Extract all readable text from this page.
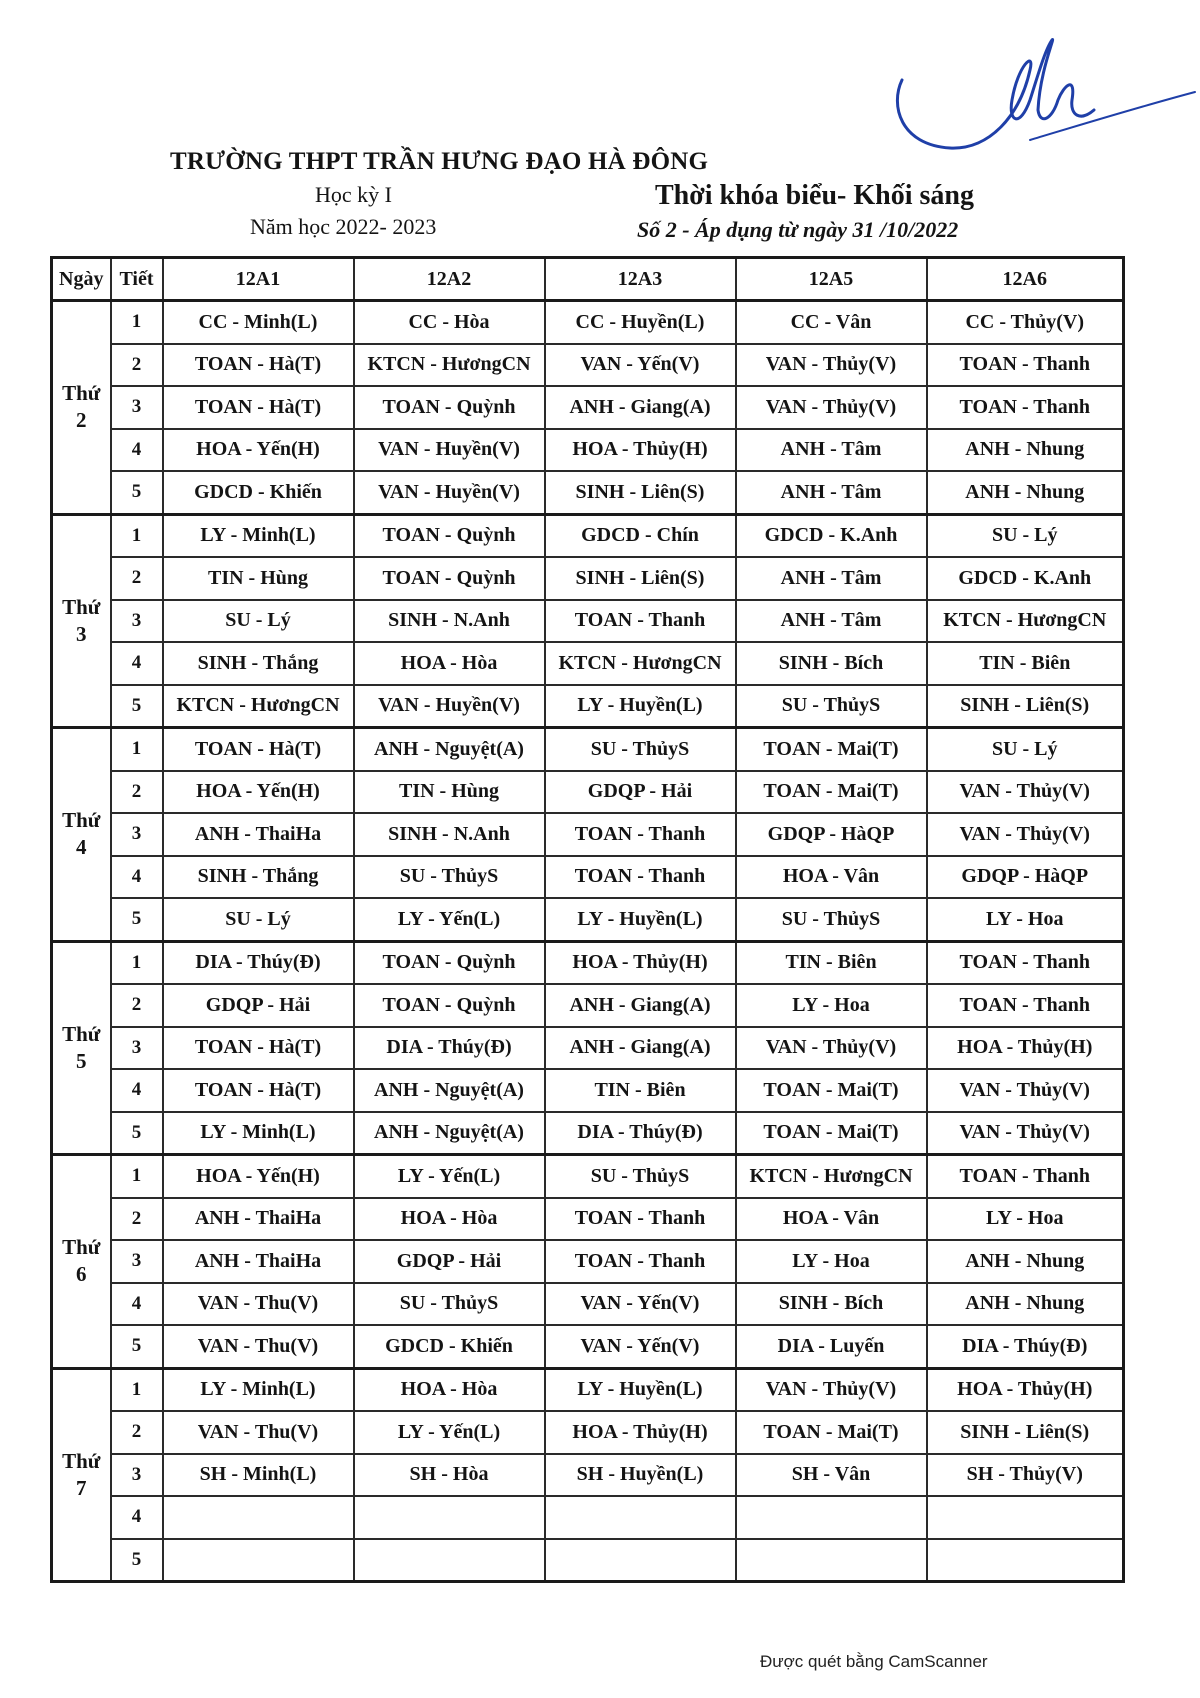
TRƯỜNG THPT TRẦN HƯNG ĐẠO HÀ ĐÔNG
Học kỳ I
Năm học 2022- 2023
Thời khóa biểu- Khối sáng
Số 2 - Áp dụng từ ngày 31 /10/2022
Ngày	Tiết	12A1	12A2	12A3	12A5	12A6
Thứ
2	1	CC - Minh(L)	CC - Hòa	CC - Huyền(L)	CC - Vân	CC - Thủy(V)
	2	TOAN - Hà(T)	KTCN - HươngCN	VAN - Yến(V)	VAN - Thủy(V)	TOAN - Thanh
	3	TOAN - Hà(T)	TOAN - Quỳnh	ANH - Giang(A)	VAN - Thủy(V)	TOAN - Thanh
	4	HOA - Yến(H)	VAN - Huyền(V)	HOA - Thủy(H)	ANH - Tâm	ANH - Nhung
	5	GDCD - Khiến	VAN - Huyền(V)	SINH - Liên(S)	ANH - Tâm	ANH - Nhung
Thứ
3	1	LY - Minh(L)	TOAN - Quỳnh	GDCD - Chín	GDCD - K.Anh	SU - Lý
	2	TIN - Hùng	TOAN - Quỳnh	SINH - Liên(S)	ANH - Tâm	GDCD - K.Anh
	3	SU - Lý	SINH - N.Anh	TOAN - Thanh	ANH - Tâm	KTCN - HươngCN
	4	SINH - Thắng	HOA - Hòa	KTCN - HươngCN	SINH - Bích	TIN - Biên
	5	KTCN - HươngCN	VAN - Huyền(V)	LY - Huyền(L)	SU - ThủyS	SINH - Liên(S)
Thứ
4	1	TOAN - Hà(T)	ANH - Nguyệt(A)	SU - ThủyS	TOAN - Mai(T)	SU - Lý
	2	HOA - Yến(H)	TIN - Hùng	GDQP - Hải	TOAN - Mai(T)	VAN - Thủy(V)
	3	ANH - ThaiHa	SINH - N.Anh	TOAN - Thanh	GDQP - HàQP	VAN - Thủy(V)
	4	SINH - Thắng	SU - ThủyS	TOAN - Thanh	HOA - Vân	GDQP - HàQP
	5	SU - Lý	LY - Yến(L)	LY - Huyền(L)	SU - ThủyS	LY - Hoa
Thứ
5	1	DIA - Thúy(Đ)	TOAN - Quỳnh	HOA - Thủy(H)	TIN - Biên	TOAN - Thanh
	2	GDQP - Hải	TOAN - Quỳnh	ANH - Giang(A)	LY - Hoa	TOAN - Thanh
	3	TOAN - Hà(T)	DIA - Thúy(Đ)	ANH - Giang(A)	VAN - Thủy(V)	HOA - Thủy(H)
	4	TOAN - Hà(T)	ANH - Nguyệt(A)	TIN - Biên	TOAN - Mai(T)	VAN - Thủy(V)
	5	LY - Minh(L)	ANH - Nguyệt(A)	DIA - Thúy(Đ)	TOAN - Mai(T)	VAN - Thủy(V)
Thứ
6	1	HOA - Yến(H)	LY - Yến(L)	SU - ThủyS	KTCN - HươngCN	TOAN - Thanh
	2	ANH - ThaiHa	HOA - Hòa	TOAN - Thanh	HOA - Vân	LY - Hoa
	3	ANH - ThaiHa	GDQP - Hải	TOAN - Thanh	LY - Hoa	ANH - Nhung
	4	VAN - Thu(V)	SU - ThủyS	VAN - Yến(V)	SINH - Bích	ANH - Nhung
	5	VAN - Thu(V)	GDCD - Khiến	VAN - Yến(V)	DIA - Luyến	DIA - Thúy(Đ)
Thứ
7	1	LY - Minh(L)	HOA - Hòa	LY - Huyền(L)	VAN - Thủy(V)	HOA - Thủy(H)
	2	VAN - Thu(V)	LY - Yến(L)	HOA - Thủy(H)	TOAN - Mai(T)	SINH - Liên(S)
	3	SH - Minh(L)	SH - Hòa	SH - Huyền(L)	SH - Vân	SH - Thủy(V)
	4					
	5					
Được quét bằng CamScanner
